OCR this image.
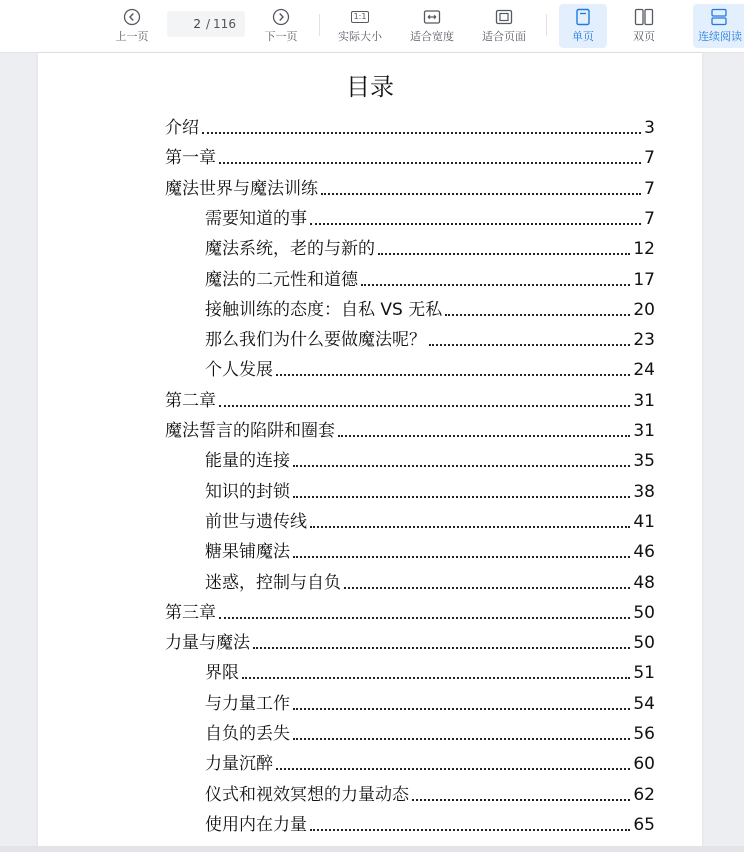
上一页
2
/ 116
下一页
1:1
实际大小	适合宽度	适合页面	单页	双页	连续阅读
目录
介绍	3
第一章	7
魔法世界与魔法训练	7
需要知道的事	7
魔法系统，老的与新的	12
魔法的二元性和道德	17
接触训练的态度：自私 VS 无私	20
那么我们为什么要做魔法呢？	23
个人发展	24
第二章	31
魔法誓言的陷阱和圈套	31
能量的连接	35
知识的封锁	38
前世与遗传线	41
糖果铺魔法	46
迷惑，控制与自负	48
第三章	50
力量与魔法	50
界限	51
与力量工作	54
自负的丢失	56
力量沉醉	60
仪式和视效冥想的力量动态	62
使用内在力量	65
